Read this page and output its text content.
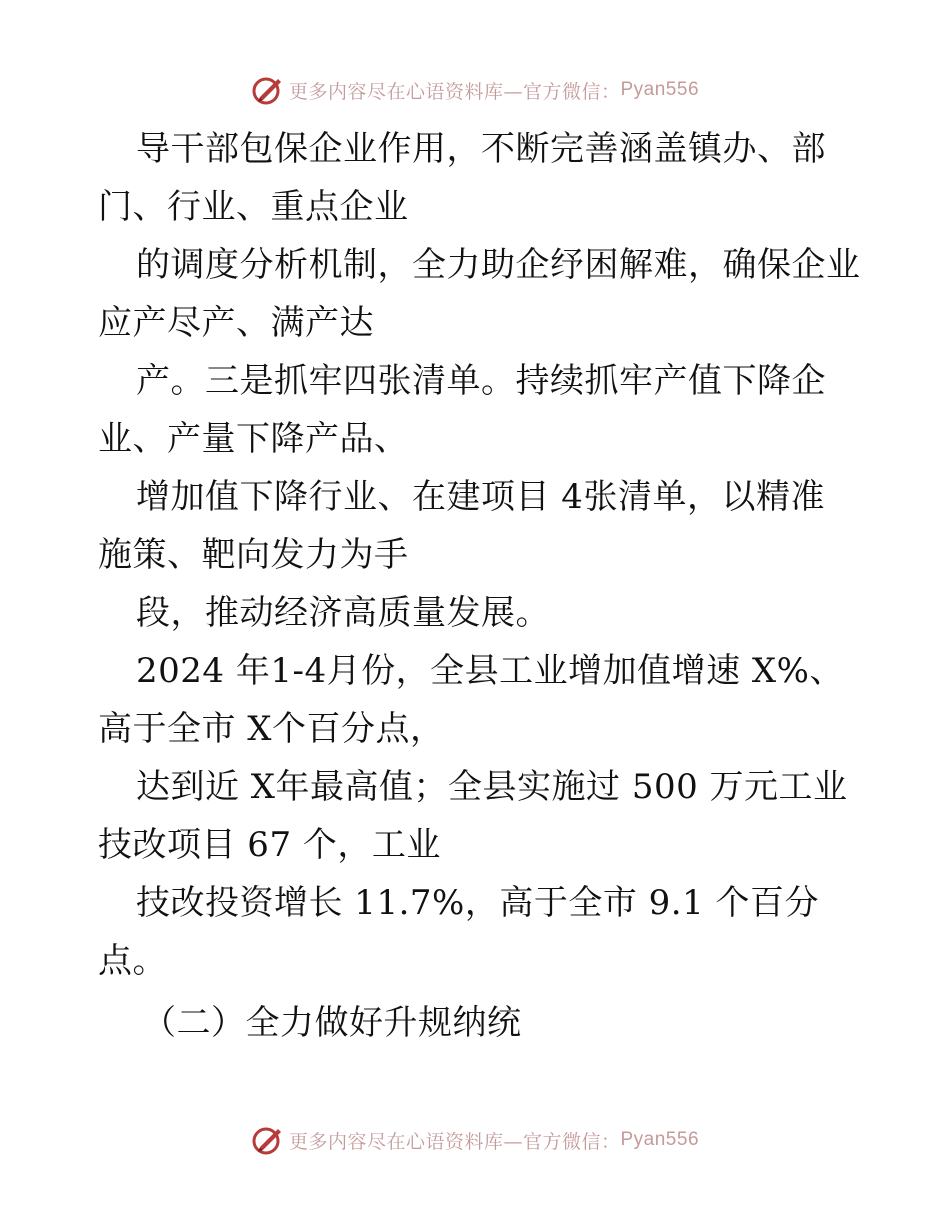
更多内容尽在心语资料库—官方微信： Pyan556
导干部包保企业作用，不断完善涵盖镇办、部
门、行业、重点企业
的调度分析机制，全力助企纾困解难，确保企业
应产尽产、满产达
产。三是抓牢四张清单。持续抓牢产值下降企
业、产量下降产品、
增加值下降行业、在建项目 4张清单，以精准
施策、靶向发力为手
段，推动经济高质量发展。
2024 年1-4月份，全县工业增加值增速 X%、
高于全市 X个百分点，
达到近 X年最高值；全县实施过 500 万元工业
技改项目 67 个，工业
技改投资增长 11.7%，高于全市 9.1 个百分
点。
（二）全力做好升规纳统
更多内容尽在心语资料库—官方微信： Pyan556
